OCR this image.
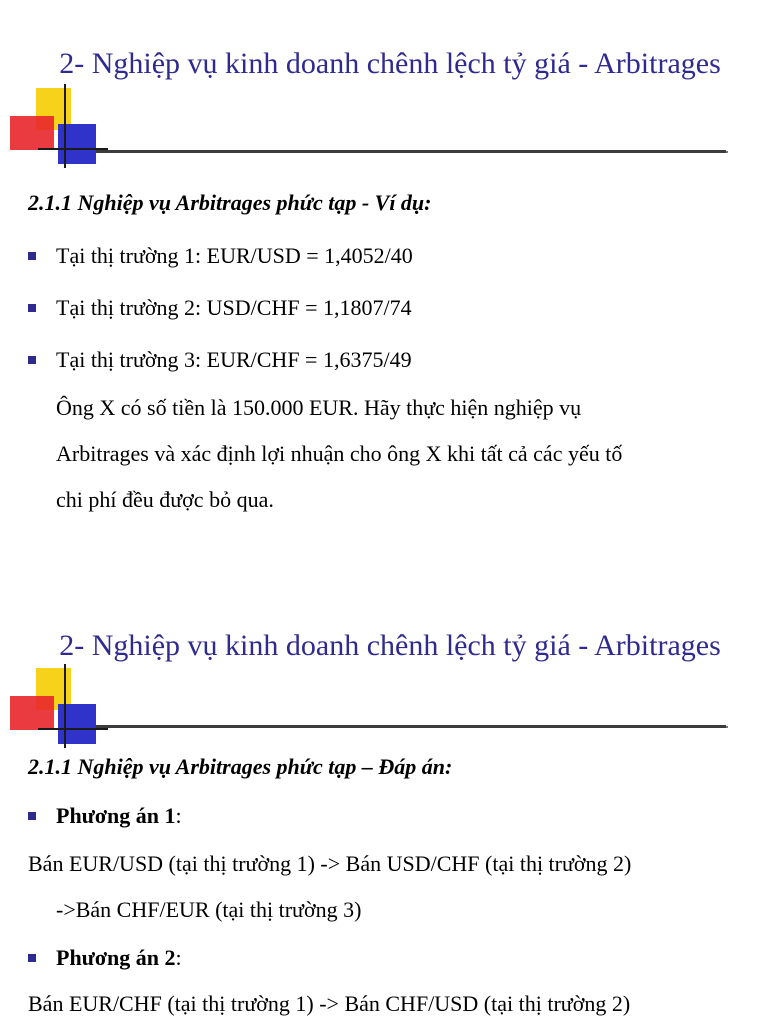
2- Nghiệp vụ kinh doanh chênh lệch tỷ giá - Arbitrages
2.1.1 Nghiệp vụ Arbitrages phức tạp - Ví dụ:
Tại thị trường 1: EUR/USD = 1,4052/40
Tại thị trường 2: USD/CHF = 1,1807/74
Tại thị trường 3: EUR/CHF = 1,6375/49
Ông X có số tiền là 150.000 EUR. Hãy thực hiện nghiệp vụ
Arbitrages và xác định lợi nhuận cho ông X khi tất cả các yếu tố
chi phí đều được bỏ qua.
2- Nghiệp vụ kinh doanh chênh lệch tỷ giá - Arbitrages
2.1.1 Nghiệp vụ Arbitrages phức tạp – Đáp án:
Phương án 1:
Bán EUR/USD (tại thị trường 1) -> Bán USD/CHF (tại thị trường 2)
->Bán CHF/EUR (tại thị trường 3)
Phương án 2:
Bán EUR/CHF (tại thị trường 1) -> Bán CHF/USD (tại thị trường 2)
